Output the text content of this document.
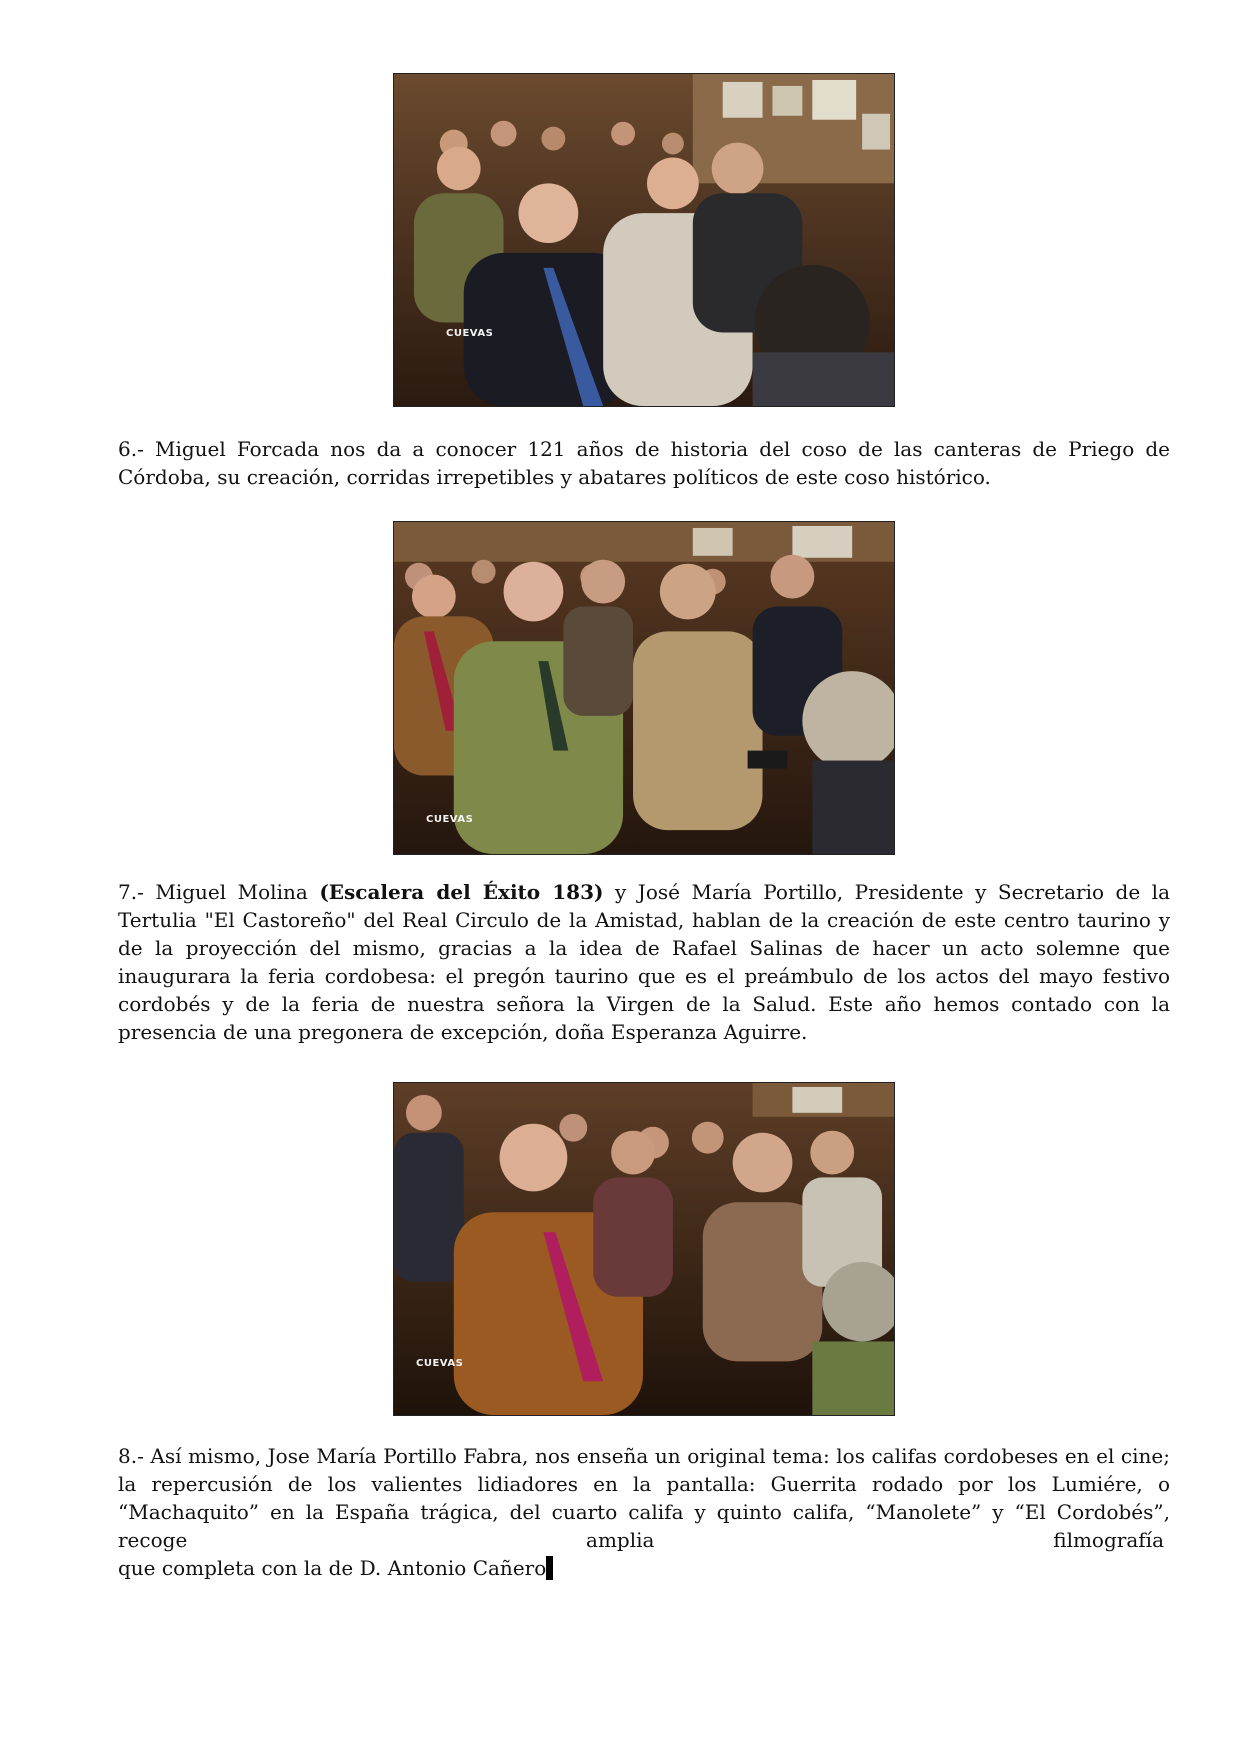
CUEVAS

6.- Miguel Forcada nos da a conocer 121 años de historia del coso de las canteras de Priego de Córdoba, su creación, corridas irrepetibles y abatares políticos de este coso histórico.

CUEVAS

7.- Miguel Molina (Escalera del Éxito 183) y José María Portillo, Presidente y Secretario de la Tertulia "El Castoreño" del Real Circulo de la Amistad, hablan de la creación de este centro taurino y de la proyección del mismo, gracias a la idea de Rafael Salinas de hacer un acto solemne que inaugurara la feria cordobesa: el pregón taurino que es el preámbulo de los actos del mayo festivo cordobés y de la feria de nuestra señora la Virgen de la Salud. Este año hemos contado con la presencia de una pregonera de excepción, doña Esperanza Aguirre.

CUEVAS
8.- Así mismo, Jose María Portillo Fabra, nos enseña un original tema: los califas cordobeses en el cine; la repercusión de los valientes lidiadores en la pantalla: Guerrita rodado por los Lumiére, o “Machaquito” en la España trágica, del cuarto califa y quinto califa, “Manolete” y “El Cordobés”,
recoge	amplia	filmografía
que completa con la de D. Antonio Cañero
